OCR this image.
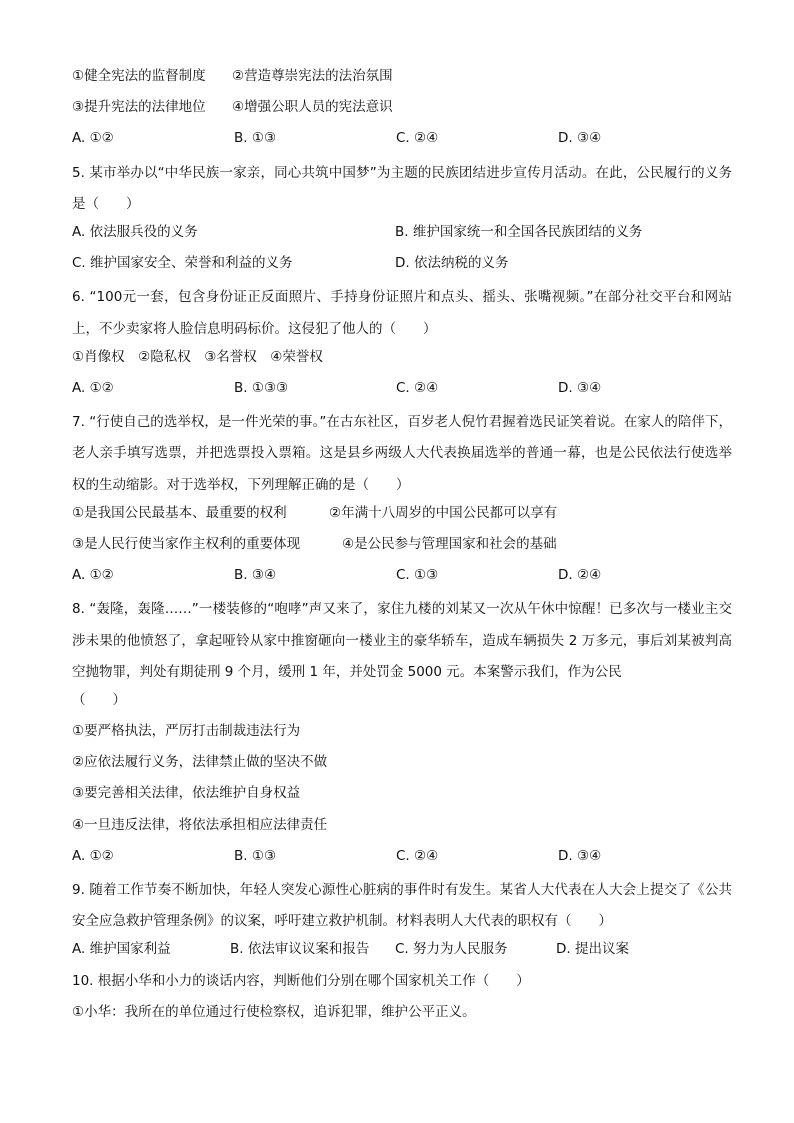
①健全宪法的监督制度	②营造尊崇宪法的法治氛围
③提升宪法的法律地位	④增强公职人员的宪法意识
A. ①②	B. ①③	C. ②④	D. ③④
5. 某市举办以“中华民族一家亲，同心共筑中国梦”为主题的民族团结进步宣传月活动。在此，公民履行的义务是（　　）
A. 依法服兵役的义务	B. 维护国家统一和全国各民族团结的义务
C. 维护国家安全、荣誉和利益的义务	D. 依法纳税的义务
6. “100元一套，包含身份证正反面照片、手持身份证照片和点头、摇头、张嘴视频。”在部分社交平台和网站上，不少卖家将人脸信息明码标价。这侵犯了他人的（　　）
①肖像权　②隐私权　③名誉权　④荣誉权
A. ①②	B. ①③③	C. ②④	D. ③④
7. “行使自己的选举权，是一件光荣的事。”在古东社区，百岁老人倪竹君握着选民证笑着说。在家人的陪伴下，老人亲手填写选票，并把选票投入票箱。这是县乡两级人大代表换届选举的普通一幕，也是公民依法行使选举权的生动缩影。对于选举权，下列理解正确的是（　　）
①是我国公民最基本、最重要的权利	②年满十八周岁的中国公民都可以享有
③是人民行使当家作主权利的重要体现	④是公民参与管理国家和社会的基础
A. ①②	B. ③④	C. ①③	D. ②④
8. “轰隆，轰隆……”一楼装修的“咆哮”声又来了，家住九楼的刘某又一次从午休中惊醒！已多次与一楼业主交涉未果的他愤怒了，拿起哑铃从家中推窗砸向一楼业主的豪华轿车，造成车辆损失 2 万多元，事后刘某被判高空抛物罪，判处有期徒刑 9 个月，缓刑 1 年，并处罚金 5000 元。本案警示我们，作为公民
（　　）
①要严格执法，严厉打击制裁违法行为
②应依法履行义务，法律禁止做的坚决不做
③要完善相关法律，依法维护自身权益
④一旦违反法律，将依法承担相应法律责任
A. ①②	B. ①③	C. ②④	D. ③④
9. 随着工作节奏不断加快，年轻人突发心源性心脏病的事件时有发生。某省人大代表在人大会上提交了《公共安全应急救护管理条例》的议案，呼吁建立救护机制。材料表明人大代表的职权有（　　）
A. 维护国家利益	B. 依法审议议案和报告	C. 努力为人民服务	D. 提出议案
10. 根据小华和小力的谈话内容，判断他们分别在哪个国家机关工作（　　）
①小华：我所在的单位通过行使检察权，追诉犯罪，维护公平正义。
